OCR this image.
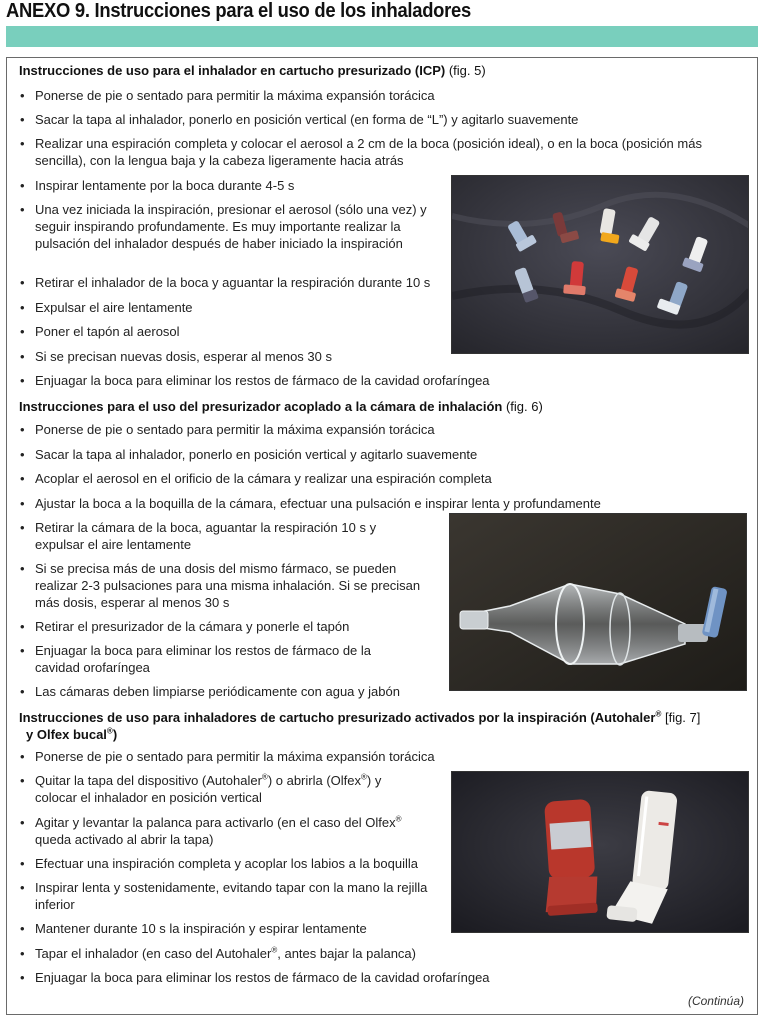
ANEXO 9. Instrucciones para el uso de los inhaladores
Instrucciones de uso para el inhalador en cartucho presurizado (ICP) (fig. 5)
• Ponerse de pie o sentado para permitir la máxima expansión torácica
• Sacar la tapa al inhalador, ponerlo en posición vertical (en forma de “L”) y agitarlo suavemente
• Realizar una espiración completa y colocar el aerosol a 2 cm de la boca (posición ideal), o en la boca (posición más sencilla), con la lengua baja y la cabeza ligeramente hacia atrás
• Inspirar lentamente por la boca durante 4-5 s
• Una vez iniciada la inspiración, presionar el aerosol (sólo una vez) y seguir inspirando profundamente. Es muy importante realizar la pulsación del inhalador después de haber iniciado la inspiración
• Retirar el inhalador de la boca y aguantar la respiración durante 10 s
• Expulsar el aire lentamente
• Poner el tapón al aerosol
• Si se precisan nuevas dosis, esperar al menos 30 s
• Enjuagar la boca para eliminar los restos de fármaco de la cavidad orofaríngea
Instrucciones para el uso del presurizador acoplado a la cámara de inhalación (fig. 6)
• Ponerse de pie o sentado para permitir la máxima expansión torácica
• Sacar la tapa al inhalador, ponerlo en posición vertical y agitarlo suavemente
• Acoplar el aerosol en el orificio de la cámara y realizar una espiración completa
• Ajustar la boca a la boquilla de la cámara, efectuar una pulsación e inspirar lenta y profundamente
• Retirar la cámara de la boca, aguantar la respiración 10 s y expulsar el aire lentamente
• Si se precisa más de una dosis del mismo fármaco, se pueden realizar 2-3 pulsaciones para una misma inhalación. Si se precisan más dosis, esperar al menos 30 s
• Retirar el presurizador de la cámara y ponerle el tapón
• Enjuagar la boca para eliminar los restos de fármaco de la cavidad orofaríngea
• Las cámaras deben limpiarse periódicamente con agua y jabón
Instrucciones de uso para inhaladores de cartucho presurizado activados por la inspiración (Autohaler® [fig. 7]
y Olfex bucal®)
• Ponerse de pie o sentado para permitir la máxima expansión torácica
• Quitar la tapa del dispositivo (Autohaler®) o abrirla (Olfex®) y
colocar el inhalador en posición vertical
• Agitar y levantar la palanca para activarlo (en el caso del Olfex®
queda activado al abrir la tapa)
• Efectuar una inspiración completa y acoplar los labios a la boquilla
• Inspirar lenta y sostenidamente, evitando tapar con la mano la rejilla inferior
• Mantener durante 10 s la inspiración y espirar lentamente
• Tapar el inhalador (en caso del Autohaler®, antes bajar la palanca)
• Enjuagar la boca para eliminar los restos de fármaco de la cavidad orofaríngea
(Continúa)
